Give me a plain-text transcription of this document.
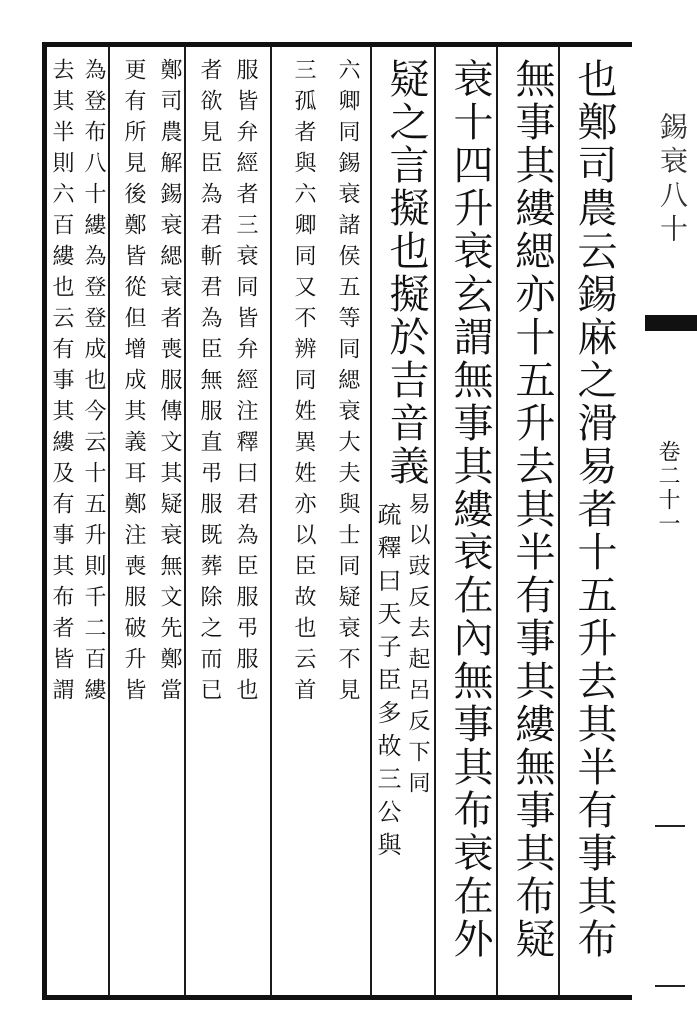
也鄭司農云錫麻之滑易者十五升去其半有事其布
無事其縷緦亦十五升去其半有事其縷無事其布疑
衰十四升衰玄謂無事其縷衰在內無事其布衰在外
疑之言擬也擬於吉音義
易以豉反去起呂反下同
疏釋曰天子臣多故三公與
六卿同錫衰諸侯五等同緦衰大夫與士同疑衰不見
三孤者與六卿同又不辨同姓異姓亦以臣故也云首
服皆弁經者三衰同皆弁經注釋曰君為臣服弔服也
者欲見臣為君斬君為臣無服直弔服既葬除之而已
鄭司農解錫衰緦衰者喪服傳文其疑衰無文先鄭當
更有所見後鄭皆從但增成其義耳鄭注喪服破升皆
為登布八十縷為登登成也今云十五升則千二百縷
去其半則六百縷也云有事其縷及有事其布者皆謂	錫衰八十
卷二十一
